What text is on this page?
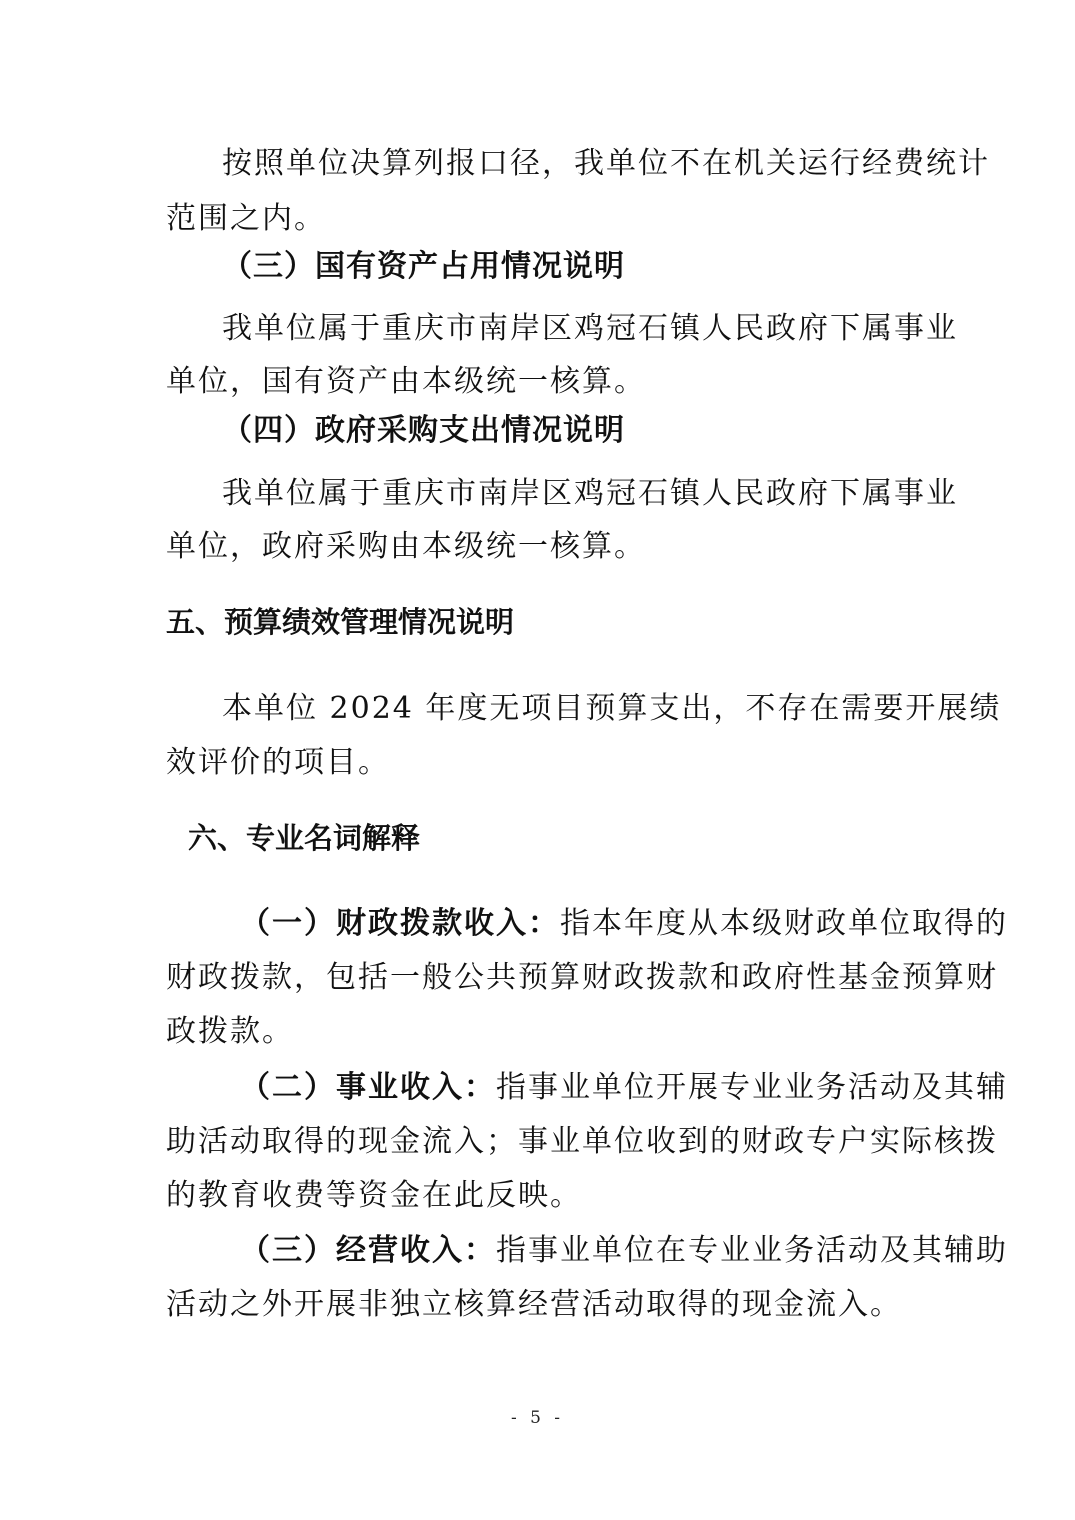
按照单位决算列报口径，我单位不在机关运行经费统计
范围之内。
（三）国有资产占用情况说明
我单位属于重庆市南岸区鸡冠石镇人民政府下属事业
单位，国有资产由本级统一核算。
（四）政府采购支出情况说明
我单位属于重庆市南岸区鸡冠石镇人民政府下属事业
单位，政府采购由本级统一核算。
五、预算绩效管理情况说明
本单位 2024 年度无项目预算支出，不存在需要开展绩
效评价的项目。
六、专业名词解释
（一）财政拨款收入：指本年度从本级财政单位取得的
财政拨款，包括一般公共预算财政拨款和政府性基金预算财
政拨款。
（二）事业收入：指事业单位开展专业业务活动及其辅
助活动取得的现金流入；事业单位收到的财政专户实际核拨
的教育收费等资金在此反映。
（三）经营收入：指事业单位在专业业务活动及其辅助
活动之外开展非独立核算经营活动取得的现金流入。
- 5 -
